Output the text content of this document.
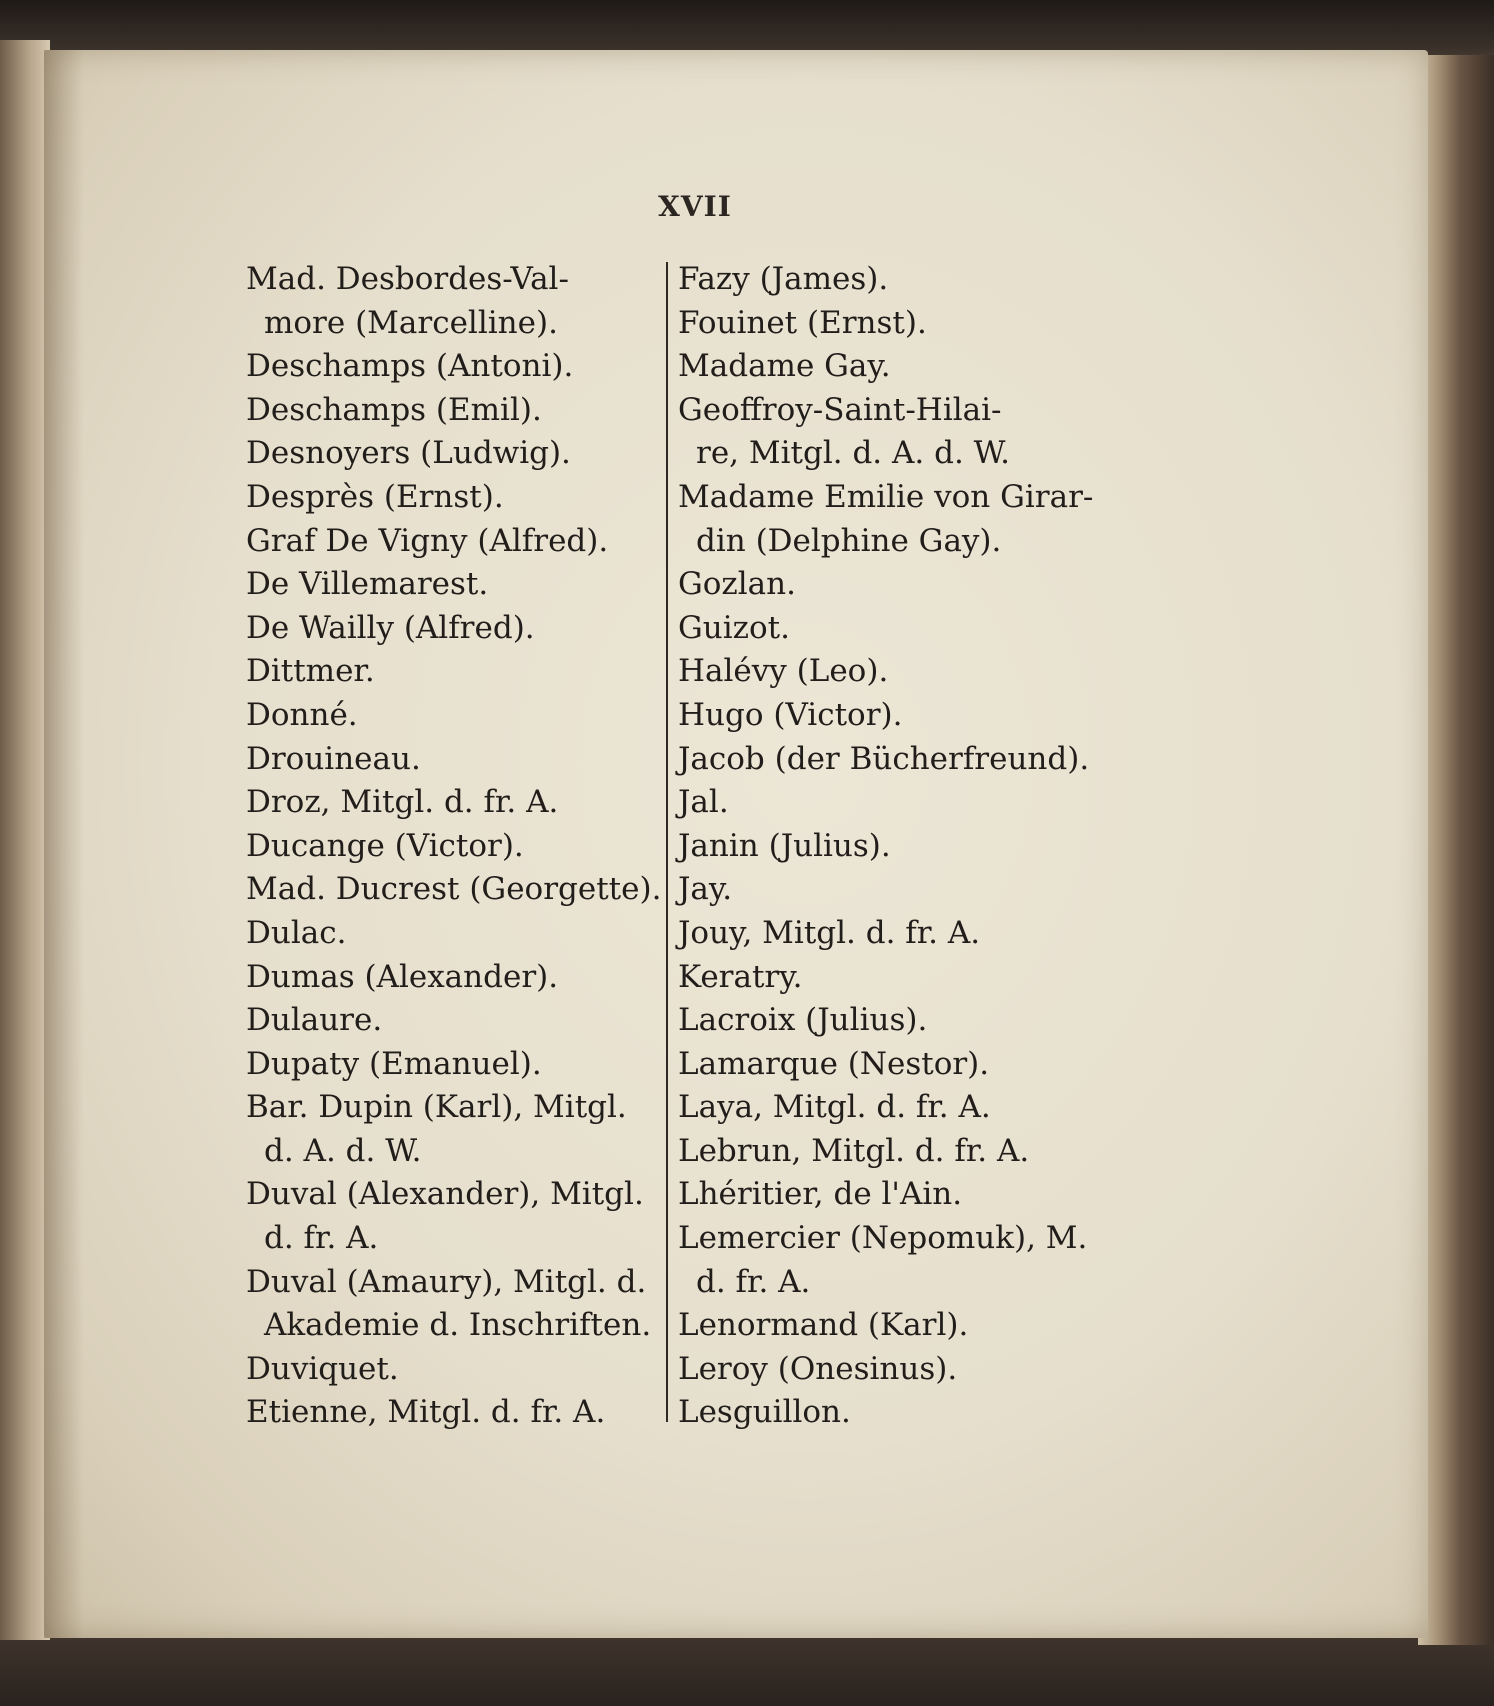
XVII
Mad. Desbordes-Val-
more (Marcelline).
Deschamps (Antoni).
Deschamps (Emil).
Desnoyers (Ludwig).
Desprès (Ernst).
Graf De Vigny (Alfred).
De Villemarest.
De Wailly (Alfred).
Dittmer.
Donné.
Drouineau.
Droz, Mitgl. d. fr. A.
Ducange (Victor).
Mad. Ducrest (Georgette).
Dulac.
Dumas (Alexander).
Dulaure.
Dupaty (Emanuel).
Bar. Dupin (Karl), Mitgl.
d. A. d. W.
Duval (Alexander), Mitgl.
d. fr. A.
Duval (Amaury), Mitgl. d.
Akademie d. Inschriften.
Duviquet.
Etienne, Mitgl. d. fr. A.
Fazy (James).
Fouinet (Ernst).
Madame Gay.
Geoffroy-Saint-Hilai-
re, Mitgl. d. A. d. W.
Madame Emilie von Girar-
din (Delphine Gay).
Gozlan.
Guizot.
Halévy (Leo).
Hugo (Victor).
Jacob (der Bücherfreund).
Jal.
Janin (Julius).
Jay.
Jouy, Mitgl. d. fr. A.
Keratry.
Lacroix (Julius).
Lamarque (Nestor).
Laya, Mitgl. d. fr. A.
Lebrun, Mitgl. d. fr. A.
Lhéritier, de l'Ain.
Lemercier (Nepomuk), M.
d. fr. A.
Lenormand (Karl).
Leroy (Onesinus).
Lesguillon.
